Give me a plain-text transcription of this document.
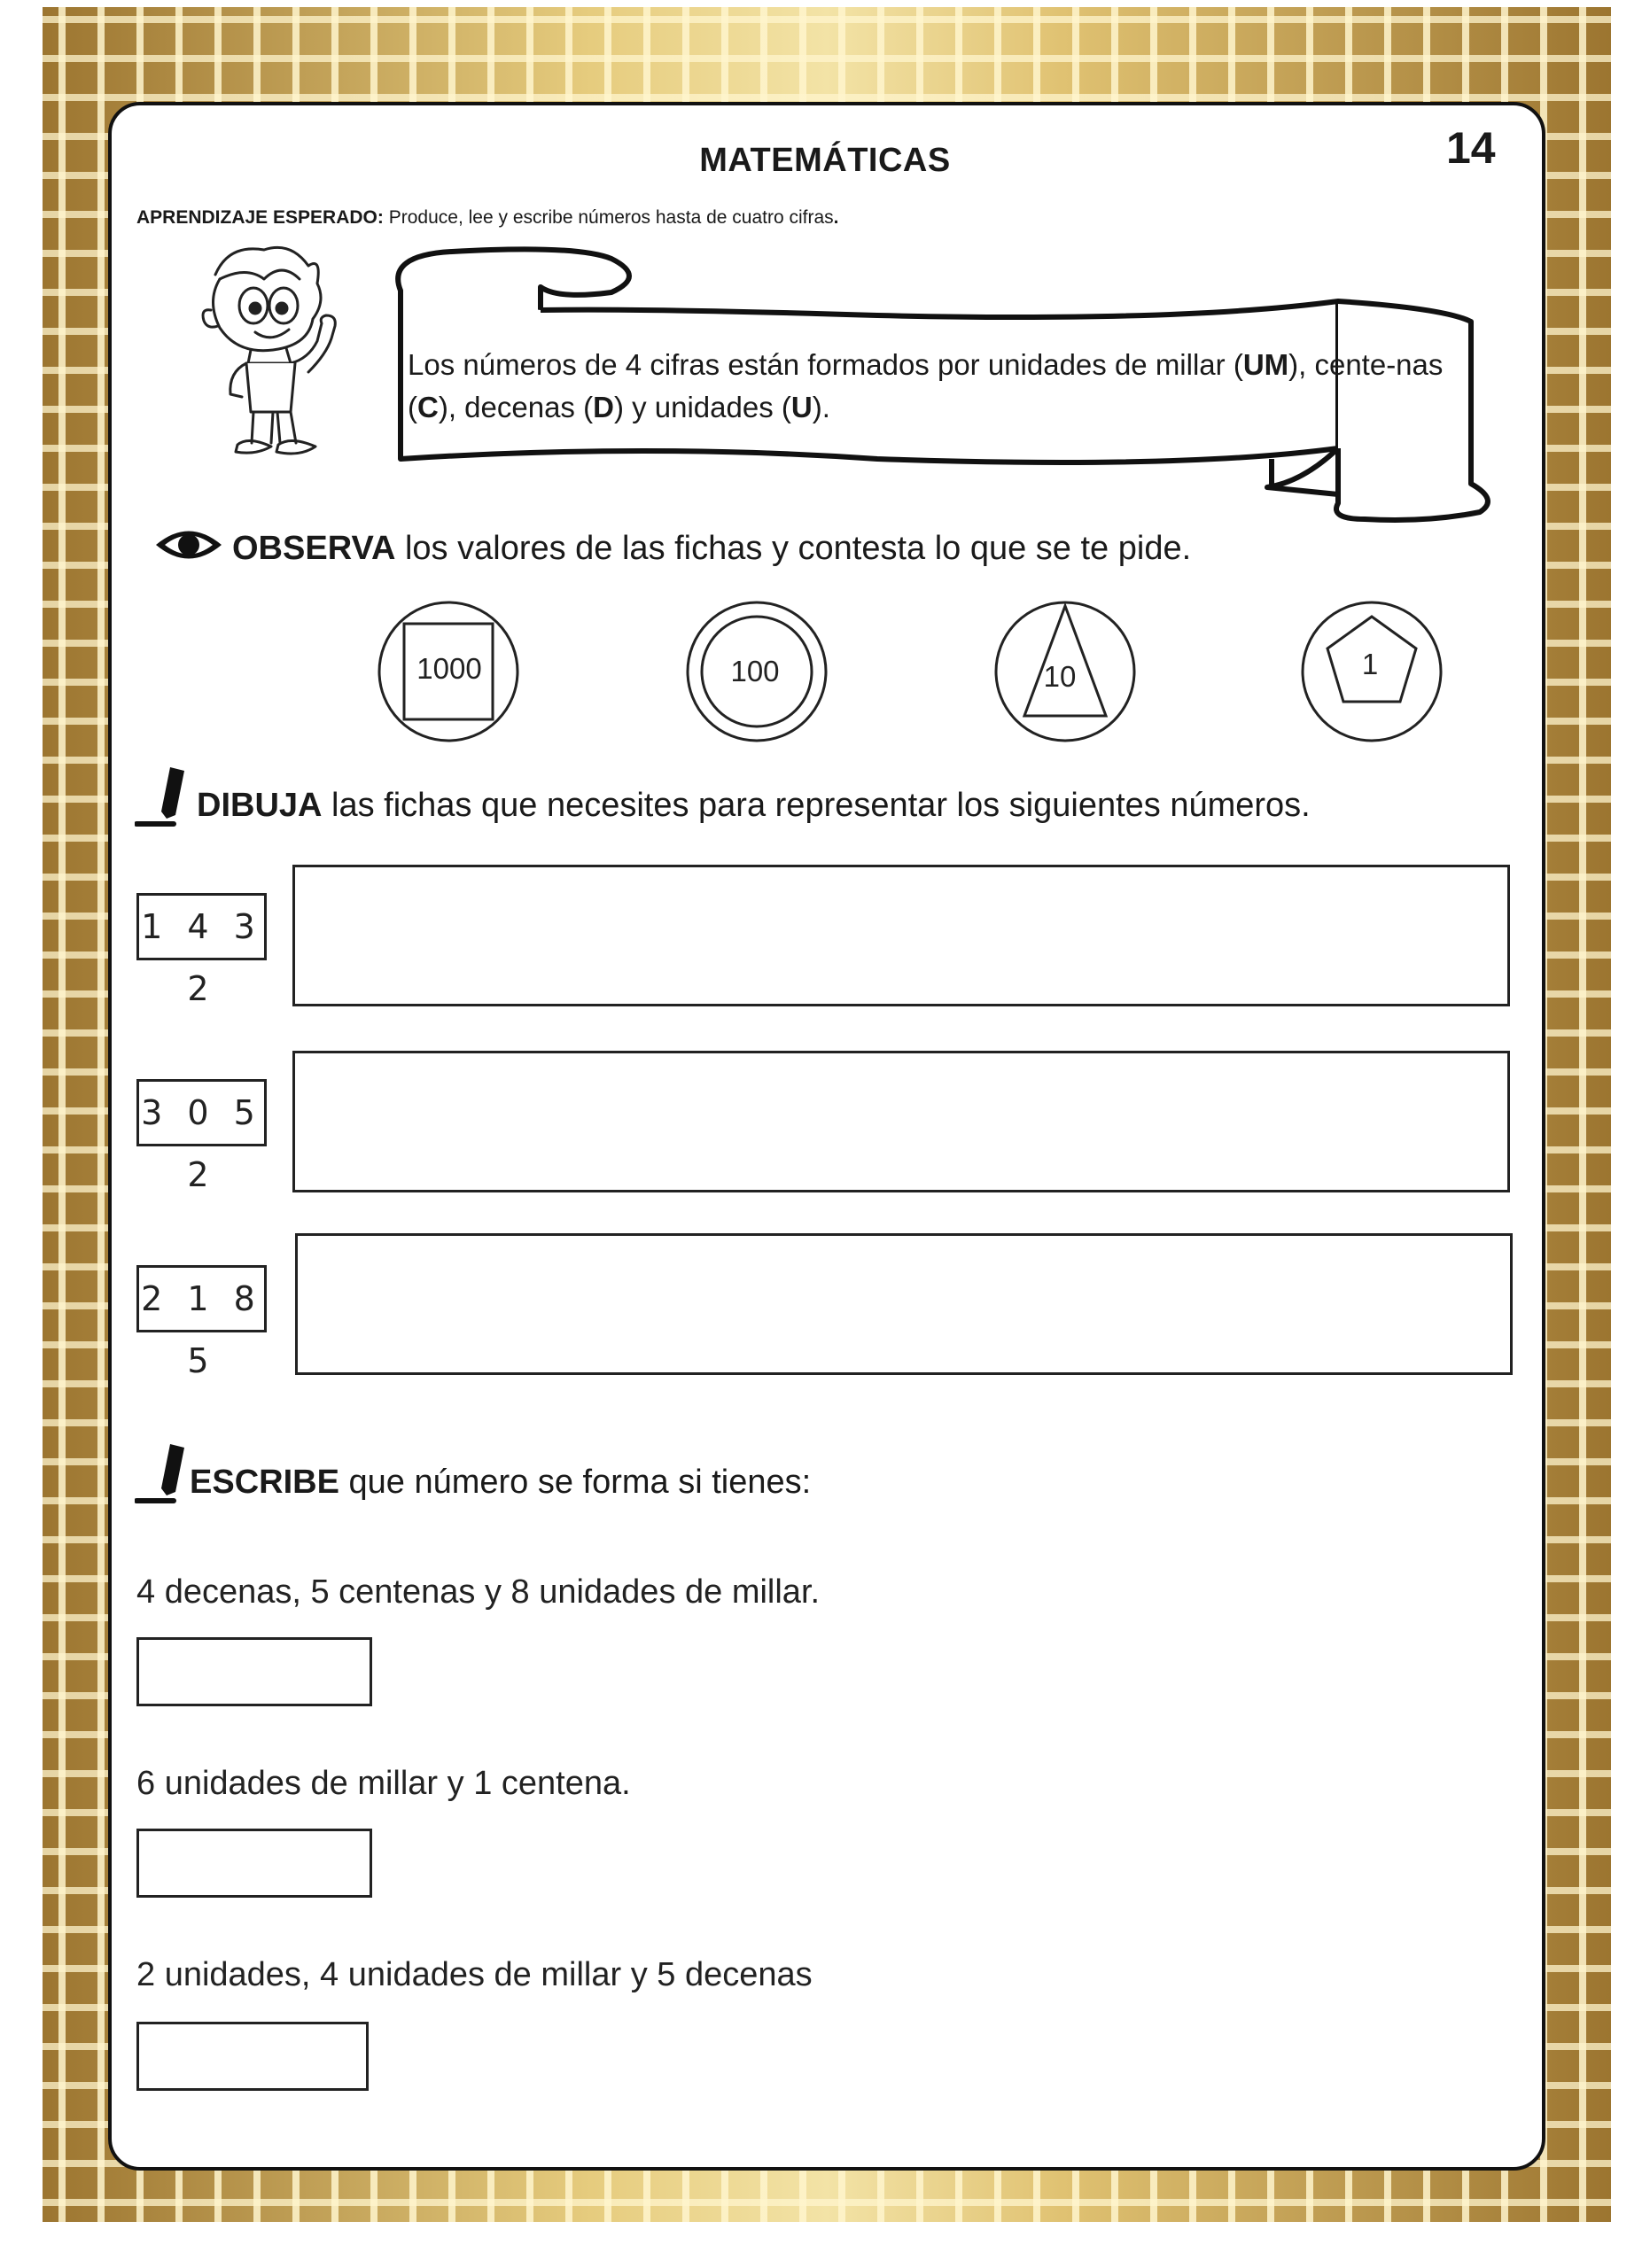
MATEMÁTICAS	14
APRENDIZAJE ESPERADO: Produce, lee y escribe números hasta de cuatro cifras.
Los números de 4 cifras están formados por unidades de millar (UM), cente-nas (C), decenas (D) y unidades (U).
OBSERVA los valores de las fichas y contesta lo que se te pide.
1000	100	10	1
DIBUJA las fichas que necesites para representar los siguientes números.
1 4 3 2
3 0 5 2
2 1 8 5
ESCRIBE que número se forma si tienes:
4 decenas, 5 centenas y 8 unidades de millar.
6 unidades de millar y 1 centena.
2 unidades, 4 unidades de millar y 5 decenas
